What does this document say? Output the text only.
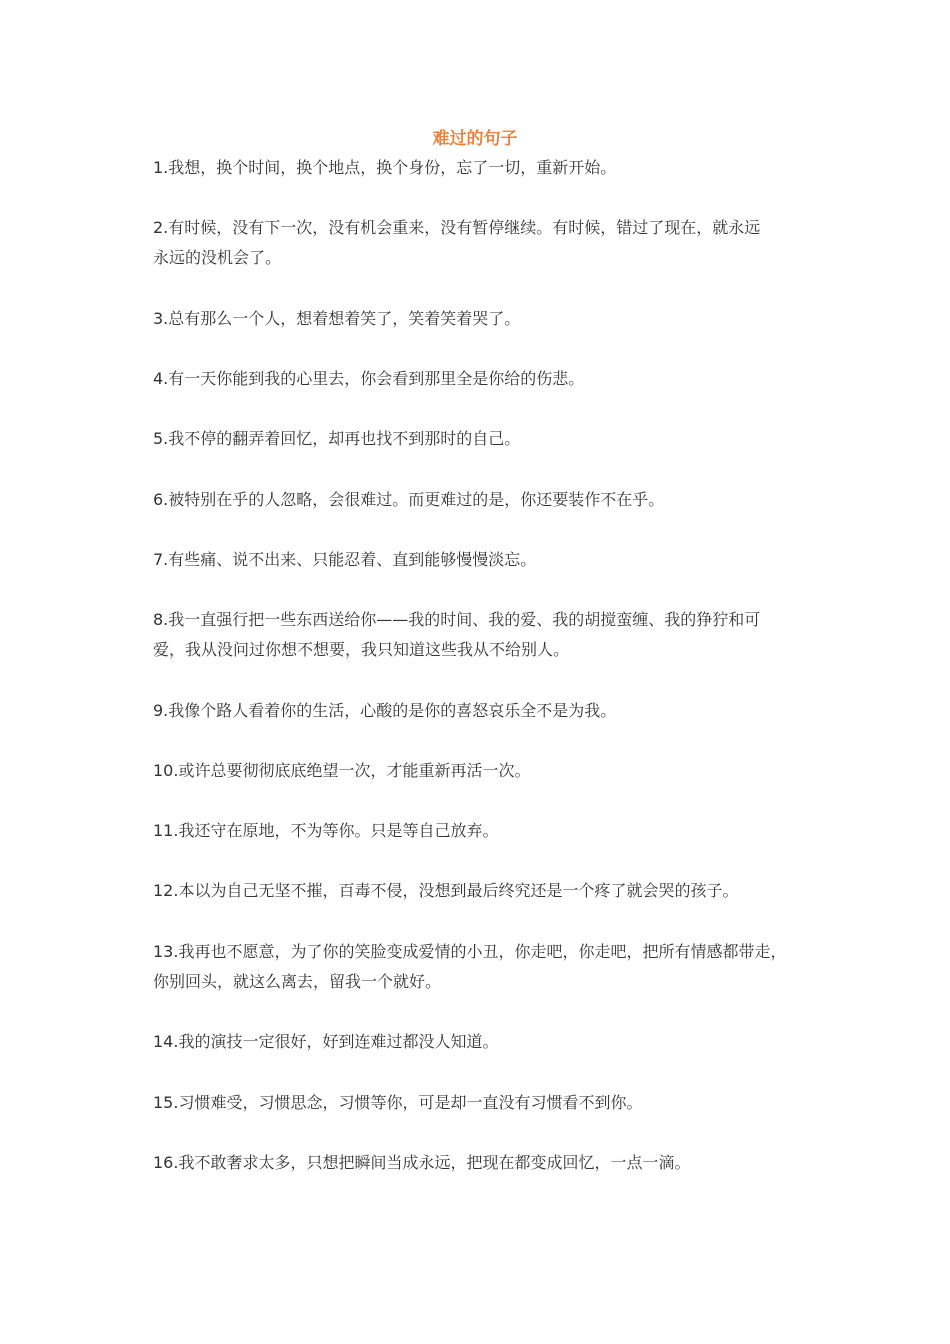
难过的句子

1.我想，换个时间，换个地点，换个身份，忘了一切，重新开始。

2.有时候，没有下一次，没有机会重来，没有暂停继续。有时候，错过了现在，就永远
永远的没机会了。

3.总有那么一个人，想着想着笑了，笑着笑着哭了。

4.有一天你能到我的心里去，你会看到那里全是你给的伤悲。

5.我不停的翻弄着回忆，却再也找不到那时的自己。

6.被特别在乎的人忽略，会很难过。而更难过的是，你还要装作不在乎。

7.有些痛、说不出来、只能忍着、直到能够慢慢淡忘。

8.我一直强行把一些东西送给你——我的时间、我的爱、我的胡搅蛮缠、我的狰狞和可
爱，我从没问过你想不想要，我只知道这些我从不给别人。

9.我像个路人看着你的生活，心酸的是你的喜怒哀乐全不是为我。

10.或许总要彻彻底底绝望一次，才能重新再活一次。

11.我还守在原地，不为等你。只是等自己放弃。

12.本以为自己无坚不摧，百毒不侵，没想到最后终究还是一个疼了就会哭的孩子。

13.我再也不愿意，为了你的笑脸变成爱情的小丑，你走吧，你走吧，把所有情感都带走，
你别回头，就这么离去，留我一个就好。

14.我的演技一定很好，好到连难过都没人知道。

15.习惯难受，习惯思念，习惯等你，可是却一直没有习惯看不到你。

16.我不敢奢求太多，只想把瞬间当成永远，把现在都变成回忆，一点一滴。
